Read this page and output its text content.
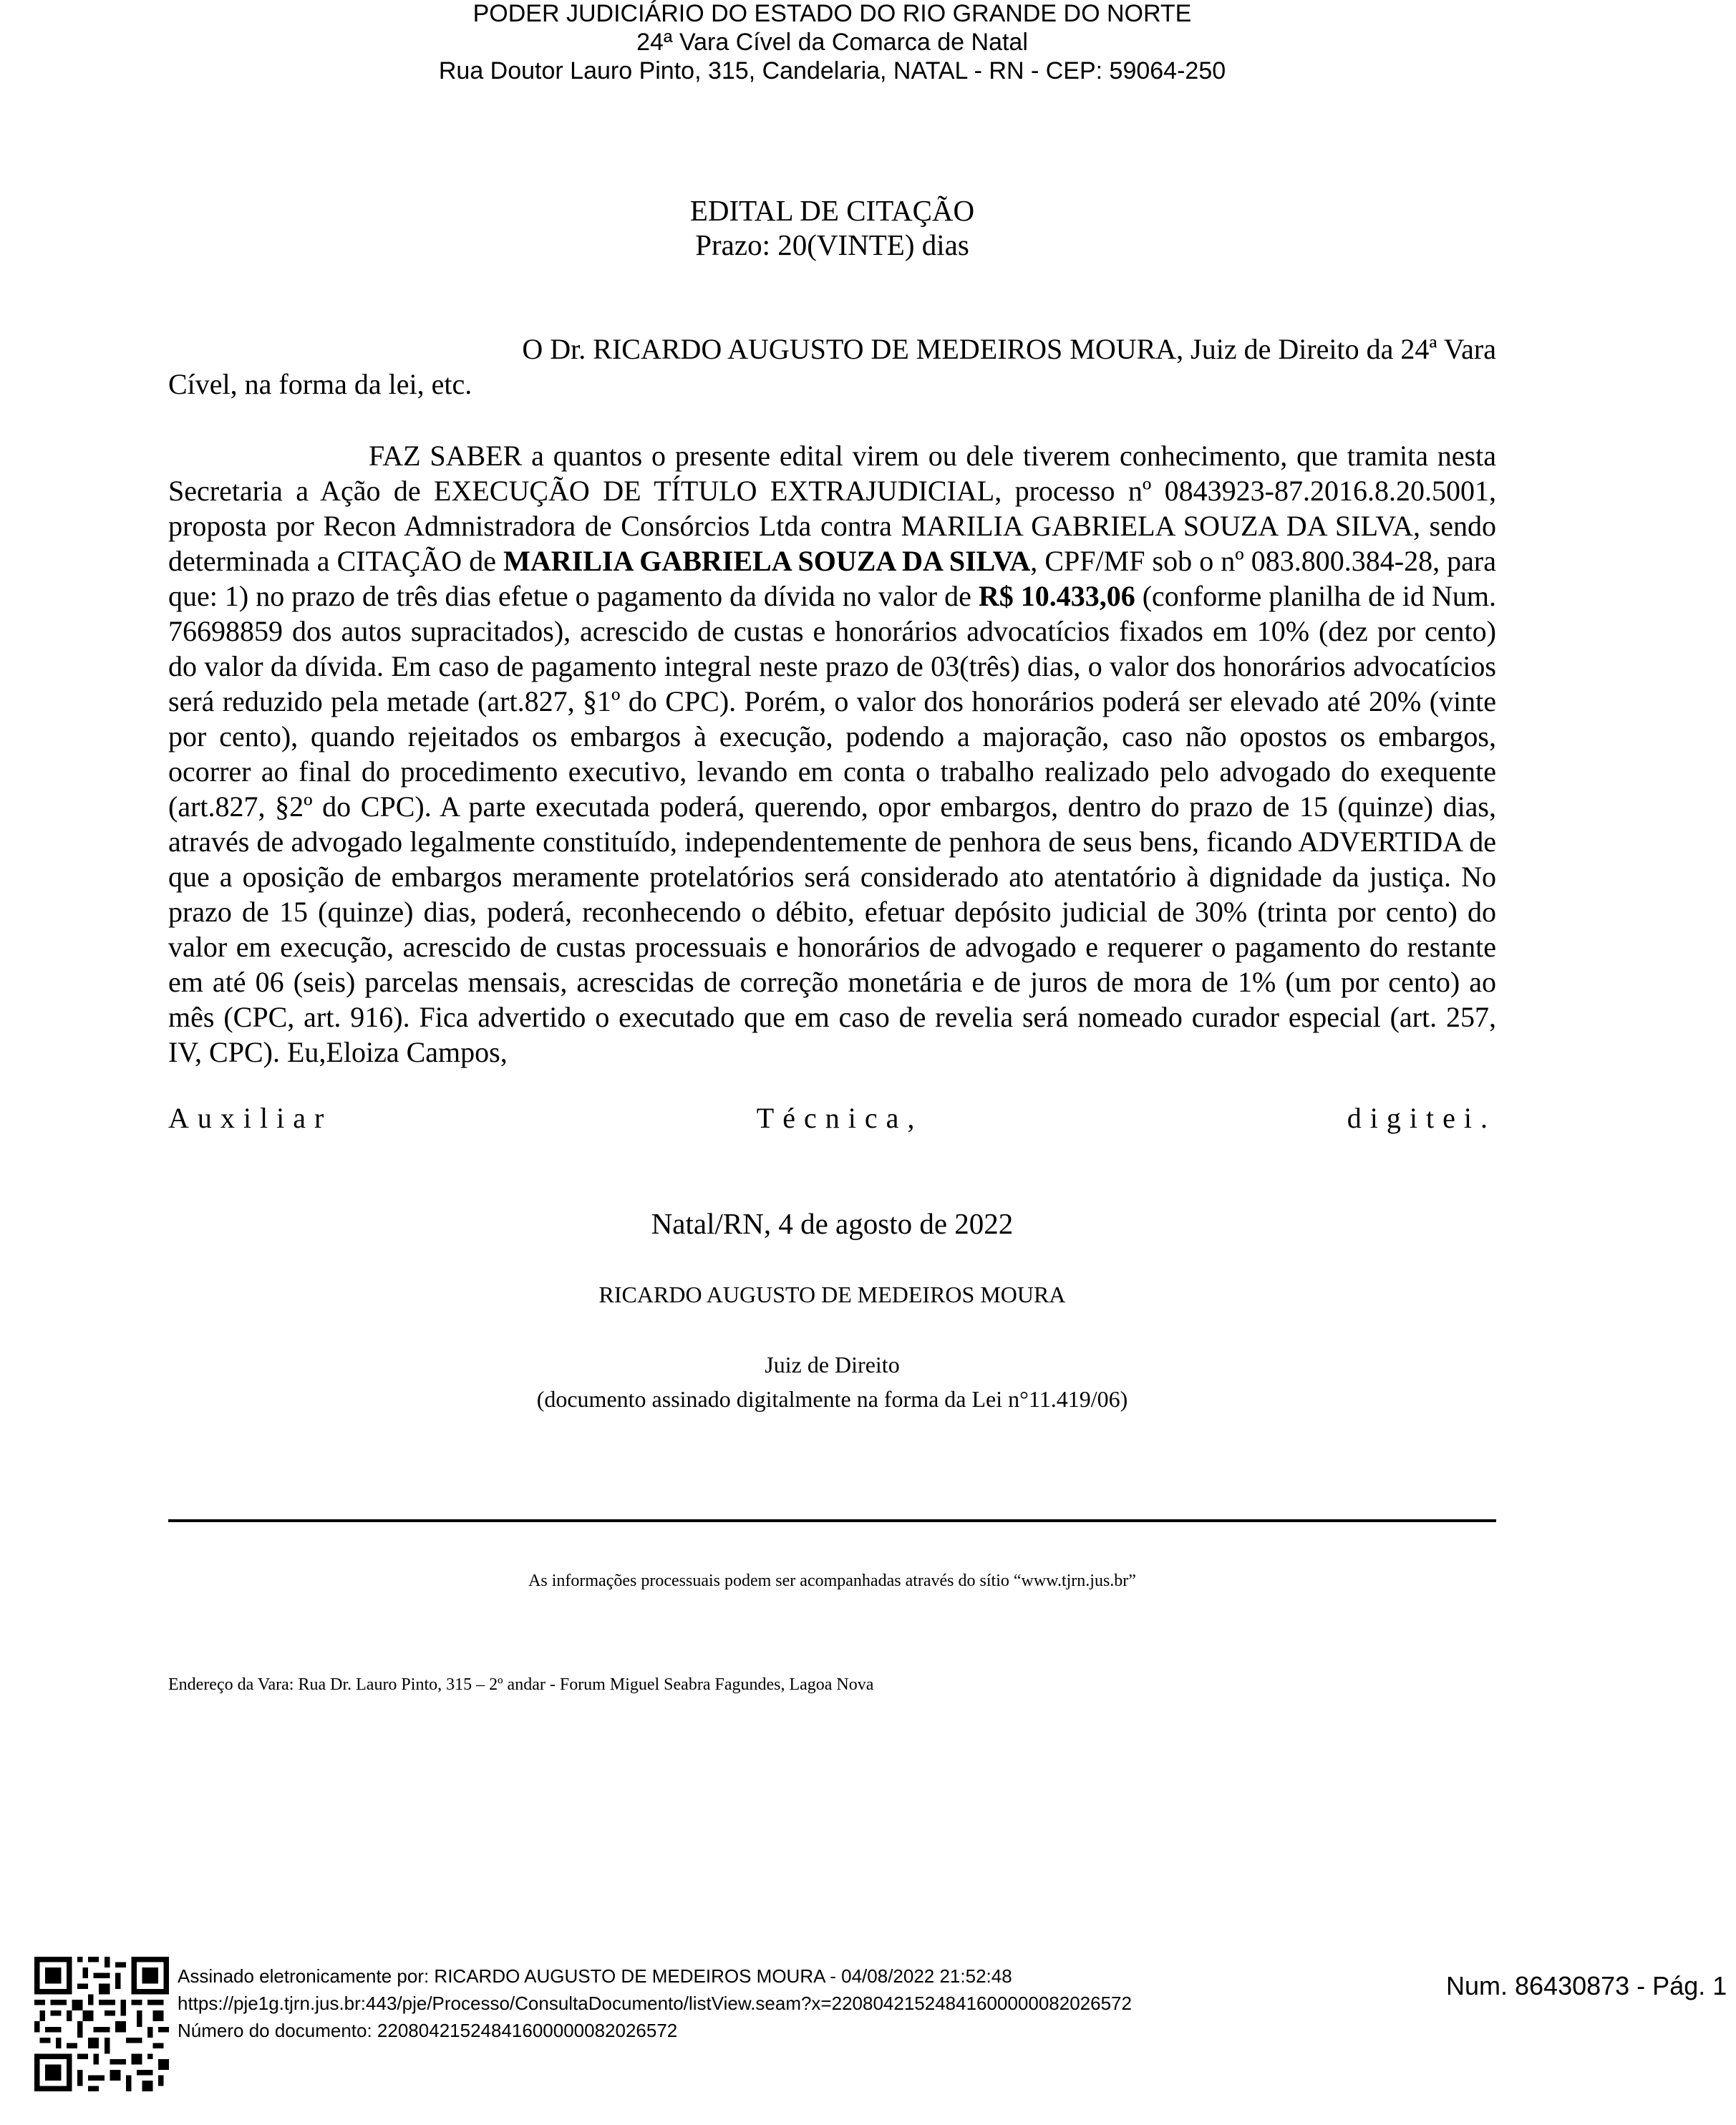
PODER JUDICIÁRIO DO ESTADO DO RIO GRANDE DO NORTE
24ª Vara Cível da Comarca de Natal
Rua Doutor Lauro Pinto, 315, Candelaria, NATAL - RN - CEP: 59064-250
EDITAL DE CITAÇÃO
Prazo: 20(VINTE) dias
O Dr. RICARDO AUGUSTO DE MEDEIROS MOURA, Juiz de Direito da 24ª Vara
Cível, na forma da lei, etc.
FAZ SABER a quantos o presente edital virem ou dele tiverem conhecimento, que tramita nesta Secretaria a Ação de EXECUÇÃO DE TÍTULO EXTRAJUDICIAL, processo nº 0843923-87.2016.8.20.5001, proposta por Recon Admnistradora de Consórcios Ltda contra MARILIA GABRIELA SOUZA DA SILVA, sendo determinada a CITAÇÃO de MARILIA GABRIELA SOUZA DA SILVA, CPF/MF sob o nº 083.800.384-28, para que: 1) no prazo de três dias efetue o pagamento da dívida no valor de R$ 10.433,06 (conforme planilha de id Num. 76698859 dos autos supracitados), acrescido de custas e honorários advocatícios fixados em 10% (dez por cento) do valor da dívida. Em caso de pagamento integral neste prazo de 03(três) dias, o valor dos honorários advocatícios será reduzido pela metade (art.827, §1º do CPC). Porém, o valor dos honorários poderá ser elevado até 20% (vinte por cento), quando rejeitados os embargos à execução, podendo a majoração, caso não opostos os embargos, ocorrer ao final do procedimento executivo, levando em conta o trabalho realizado pelo advogado do exequente (art.827, §2º do CPC). A parte executada poderá, querendo, opor embargos, dentro do prazo de 15 (quinze) dias, através de advogado legalmente constituído, independentemente de penhora de seus bens, ficando ADVERTIDA de que a oposição de embargos meramente protelatórios será considerado ato atentatório à dignidade da justiça. No prazo de 15 (quinze) dias, poderá, reconhecendo o débito, efetuar depósito judicial de 30% (trinta por cento) do valor em execução, acrescido de custas processuais e honorários de advogado e requerer o pagamento do restante em até 06 (seis) parcelas mensais, acrescidas de correção monetária e de juros de mora de 1% (um por cento) ao mês (CPC, art. 916). Fica advertido o executado que em caso de revelia será nomeado curador especial (art. 257, IV, CPC). Eu,Eloiza Campos,
Auxiliar	Técnica,	digitei.
Natal/RN, 4 de agosto de 2022
RICARDO AUGUSTO DE MEDEIROS MOURA
Juiz de Direito
(documento assinado digitalmente na forma da Lei n°11.419/06)
As informações processuais podem ser acompanhadas através do sítio “www.tjrn.jus.br”
Endereço da Vara: Rua Dr. Lauro Pinto, 315 – 2º andar - Forum Miguel Seabra Fagundes, Lagoa Nova
Assinado eletronicamente por: RICARDO AUGUSTO DE MEDEIROS MOURA - 04/08/2022 21:52:48
https://pje1g.tjrn.jus.br:443/pje/Processo/ConsultaDocumento/listView.seam?x=22080421524841600000082026572
Número do documento: 22080421524841600000082026572
Num. 86430873 - Pág. 1
